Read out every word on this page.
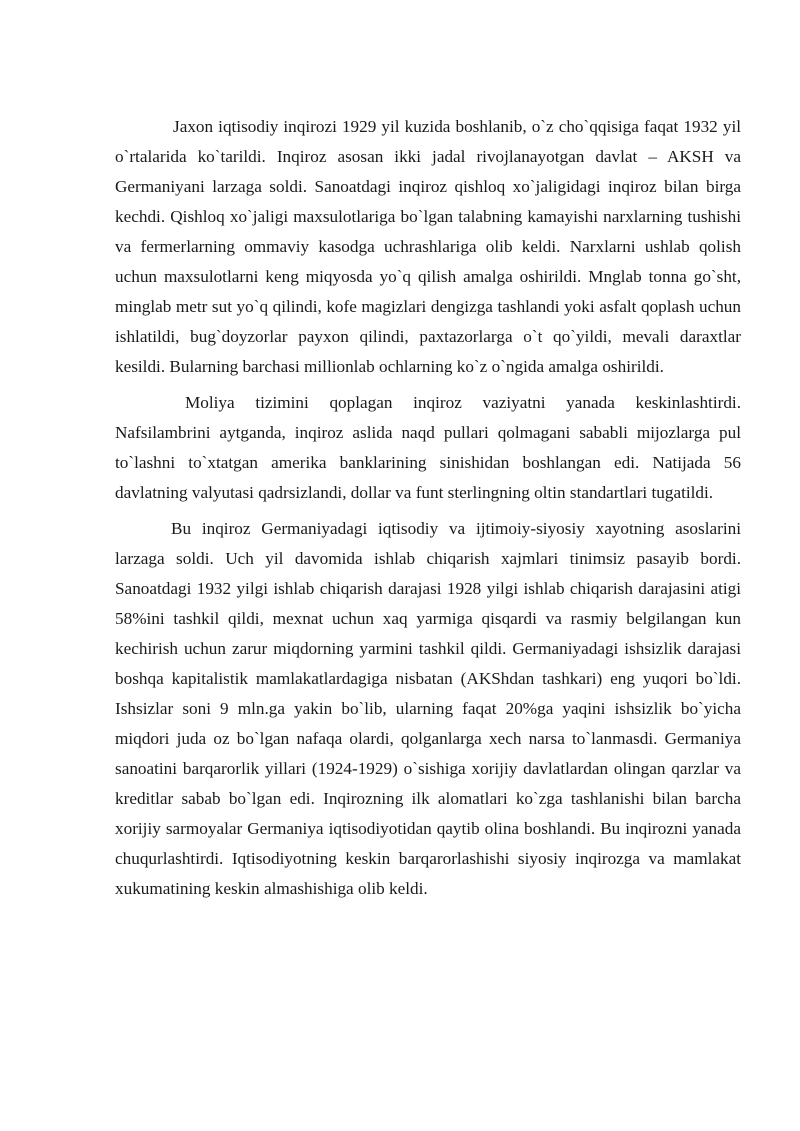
Jaxon iqtisodiy inqirozi 1929 yil kuzida boshlanib, o`z cho`qqisiga faqat 1932 yil o`rtalarida ko`tarildi. Inqiroz asosan ikki jadal rivojlanayotgan davlat – AKSH va Germaniyani larzaga soldi. Sanoatdagi inqiroz qishloq xo`jaligidagi inqiroz bilan birga kechdi. Qishloq xo`jaligi maxsulotlariga bo`lgan talabning kamayishi narxlarning tushishi va fermerlarning ommaviy kasodga uchrashlariga olib keldi. Narxlarni ushlab qolish uchun maxsulotlarni keng miqyosda yo`q qilish amalga oshirildi. Mnglab tonna go`sht, minglab metr sut yo`q qilindi, kofe magizlari dengizga tashlandi yoki asfalt qoplash uchun ishlatildi, bug`doyzorlar payxon qilindi, paxtazorlarga o`t qo`yildi, mevali daraxtlar kesildi. Bularning barchasi millionlab ochlarning ko`z o`ngida amalga oshirildi.

Moliya tizimini qoplagan inqiroz vaziyatni yanada keskinlashtirdi. Nafsilambrini aytganda, inqiroz aslida naqd pullari qolmagani sababli mijozlarga pul to`lashni to`xtatgan amerika banklarining sinishidan boshlangan edi. Natijada 56 davlatning valyutasi qadrsizlandi, dollar va funt sterlingning oltin standartlari tugatildi.

Bu inqiroz Germaniyadagi iqtisodiy va ijtimoiy-siyosiy xayotning asoslarini larzaga soldi. Uch yil davomida ishlab chiqarish xajmlari tinimsiz pasayib bordi. Sanoatdagi 1932 yilgi ishlab chiqarish darajasi 1928 yilgi ishlab chiqarish darajasini atigi 58%ini tashkil qildi, mexnat uchun xaq yarmiga qisqardi va rasmiy belgilangan kun kechirish uchun zarur miqdorning yarmini tashkil qildi. Germaniyadagi ishsizlik darajasi boshqa kapitalistik mamlakatlardagiga nisbatan (AKShdan tashkari) eng yuqori bo`ldi. Ishsizlar soni 9 mln.ga yakin bo`lib, ularning faqat 20%ga yaqini ishsizlik bo`yicha miqdori juda oz bo`lgan nafaqa olardi, qolganlarga xech narsa to`lanmasdi. Germaniya sanoatini barqarorlik yillari (1924-1929) o`sishiga xorijiy davlatlardan olingan qarzlar va kreditlar sabab bo`lgan edi. Inqirozning ilk alomatlari ko`zga tashlanishi bilan barcha xorijiy sarmoyalar Germaniya iqtisodiyotidan qaytib olina boshlandi. Bu inqirozni yanada chuqurlashtirdi. Iqtisodiyotning keskin barqarorlashishi siyosiy inqirozga va mamlakat xukumatining keskin almashishiga olib keldi.
